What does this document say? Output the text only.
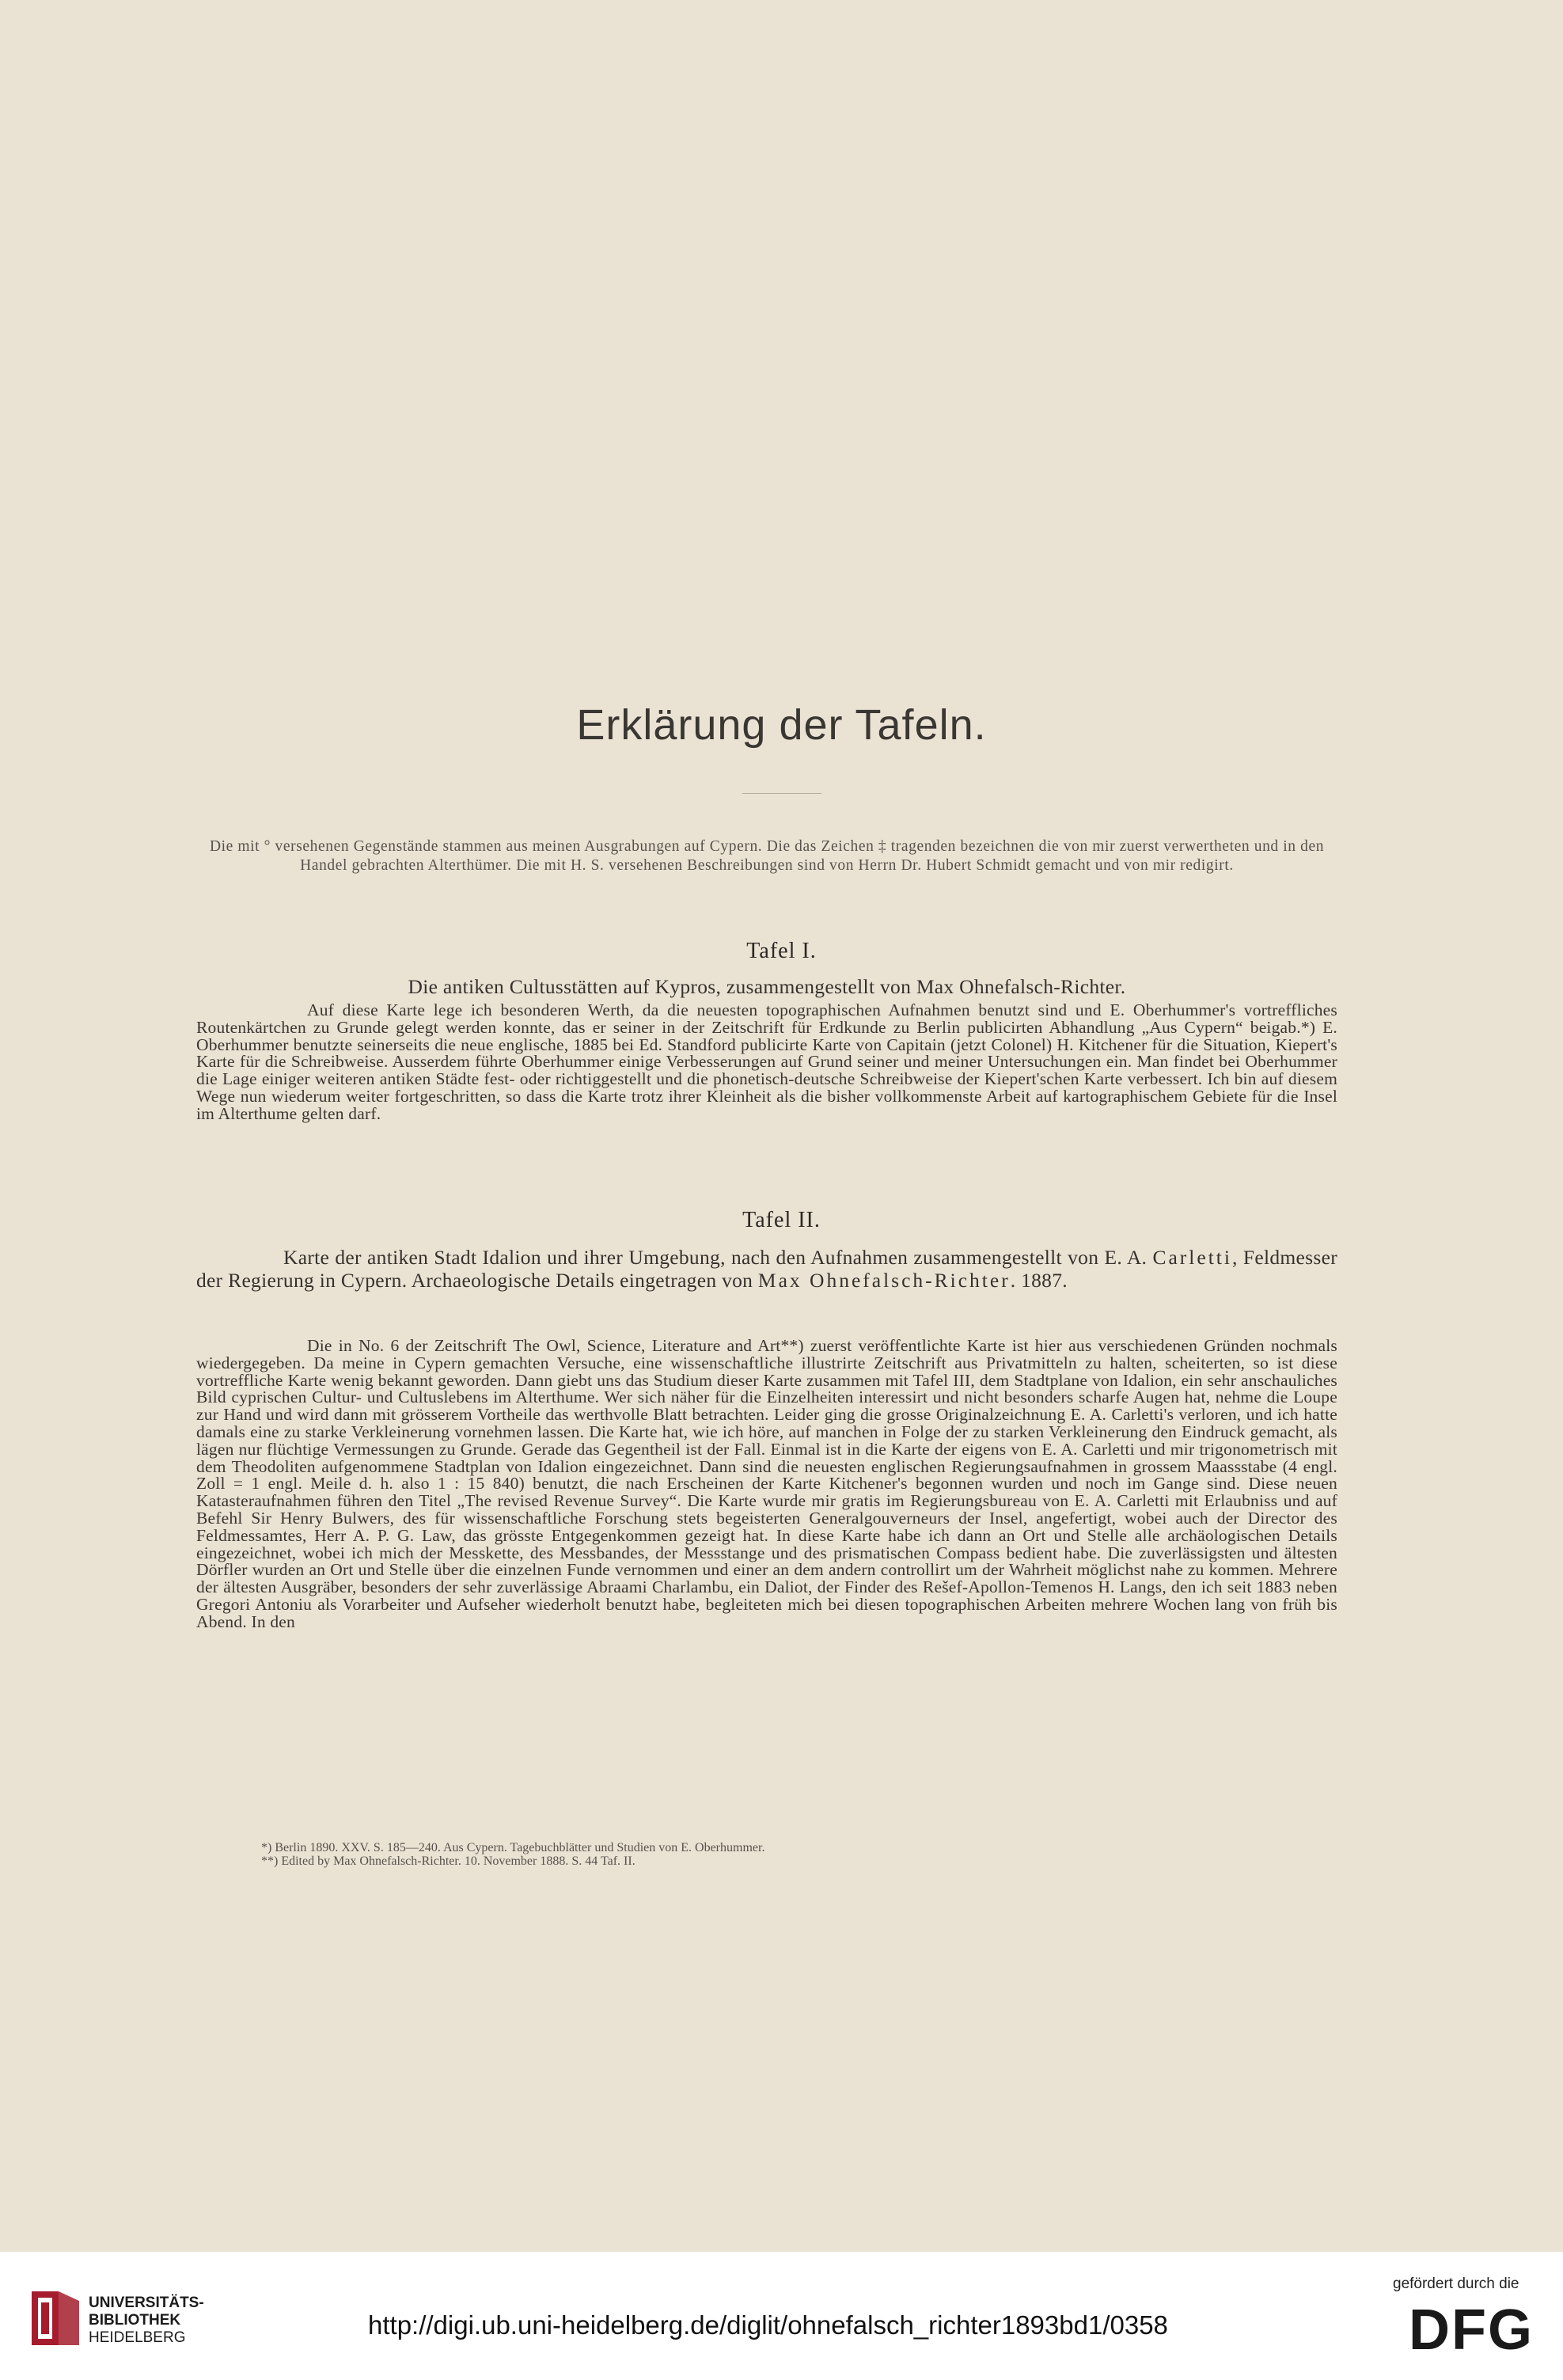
Erklärung der Tafeln.
Die mit ° versehenen Gegenstände stammen aus meinen Ausgrabungen auf Cypern. Die das Zeichen ‡ tragenden bezeichnen die von mir zuerst verwertheten und in den Handel gebrachten Alterthümer. Die mit H. S. versehenen Beschreibungen sind von Herrn Dr. Hubert Schmidt gemacht und von mir redigirt.
Tafel I.
Die antiken Cultusstätten auf Kypros, zusammengestellt von Max Ohnefalsch-Richter.
Auf diese Karte lege ich besonderen Werth, da die neuesten topographischen Aufnahmen benutzt sind und E. Oberhummer's vortreffliches Routenkärtchen zu Grunde gelegt werden konnte, das er seiner in der Zeitschrift für Erdkunde zu Berlin publicirten Abhandlung „Aus Cypern“ beigab.*) E. Oberhummer benutzte seinerseits die neue englische, 1885 bei Ed. Standford publicirte Karte von Capitain (jetzt Colonel) H. Kitchener für die Situation, Kiepert's Karte für die Schreibweise. Ausserdem führte Oberhummer einige Verbesserungen auf Grund seiner und meiner Untersuchungen ein. Man findet bei Oberhummer die Lage einiger weiteren antiken Städte fest- oder richtiggestellt und die phonetisch-deutsche Schreibweise der Kiepert'schen Karte verbessert. Ich bin auf diesem Wege nun wiederum weiter fortgeschritten, so dass die Karte trotz ihrer Kleinheit als die bisher vollkommenste Arbeit auf kartographischem Gebiete für die Insel im Alterthume gelten darf.
Tafel II.
Karte der antiken Stadt Idalion und ihrer Umgebung, nach den Aufnahmen zusammengestellt von E. A. Carletti, Feldmesser der Regierung in Cypern. Archaeologische Details eingetragen von Max Ohnefalsch-Richter. 1887.
Die in No. 6 der Zeitschrift The Owl, Science, Literature and Art**) zuerst veröffentlichte Karte ist hier aus verschiedenen Gründen nochmals wiedergegeben. Da meine in Cypern gemachten Versuche, eine wissenschaftliche illustrirte Zeitschrift aus Privatmitteln zu halten, scheiterten, so ist diese vortreffliche Karte wenig bekannt geworden. Dann giebt uns das Studium dieser Karte zusammen mit Tafel III, dem Stadtplane von Idalion, ein sehr anschauliches Bild cyprischen Cultur- und Cultuslebens im Alterthume. Wer sich näher für die Einzelheiten interessirt und nicht besonders scharfe Augen hat, nehme die Loupe zur Hand und wird dann mit grösserem Vortheile das werthvolle Blatt betrachten. Leider ging die grosse Originalzeichnung E. A. Carletti's verloren, und ich hatte damals eine zu starke Verkleinerung vornehmen lassen. Die Karte hat, wie ich höre, auf manchen in Folge der zu starken Verkleinerung den Eindruck gemacht, als lägen nur flüchtige Vermessungen zu Grunde. Gerade das Gegentheil ist der Fall. Einmal ist in die Karte der eigens von E. A. Carletti und mir trigonometrisch mit dem Theodoliten aufgenommene Stadtplan von Idalion eingezeichnet. Dann sind die neuesten englischen Regierungsaufnahmen in grossem Maassstabe (4 engl. Zoll = 1 engl. Meile d. h. also 1 : 15 840) benutzt, die nach Erscheinen der Karte Kitchener's begonnen wurden und noch im Gange sind. Diese neuen Katasteraufnahmen führen den Titel „The revised Revenue Survey“. Die Karte wurde mir gratis im Regierungsbureau von E. A. Carletti mit Erlaubniss und auf Befehl Sir Henry Bulwers, des für wissenschaftliche Forschung stets begeisterten Generalgouverneurs der Insel, angefertigt, wobei auch der Director des Feldmessamtes, Herr A. P. G. Law, das grösste Entgegenkommen gezeigt hat. In diese Karte habe ich dann an Ort und Stelle alle archäologischen Details eingezeichnet, wobei ich mich der Messkette, des Messbandes, der Messstange und des prismatischen Compass bedient habe. Die zuverlässigsten und ältesten Dörfler wurden an Ort und Stelle über die einzelnen Funde vernommen und einer an dem andern controllirt um der Wahrheit möglichst nahe zu kommen. Mehrere der ältesten Ausgräber, besonders der sehr zuverlässige Abraami Charlambu, ein Daliot, der Finder des Rešef-Apollon-Temenos H. Langs, den ich seit 1883 neben Gregori Antoniu als Vorarbeiter und Aufseher wiederholt benutzt habe, begleiteten mich bei diesen topographischen Arbeiten mehrere Wochen lang von früh bis Abend. In den
*) Berlin 1890. XXV. S. 185—240. Aus Cypern. Tagebuchblätter und Studien von E. Oberhummer.
**) Edited by Max Ohnefalsch-Richter. 10. November 1888. S. 44 Taf. II.
UNIVERSITÄTS-
BIBLIOTHEK
HEIDELBERG	http://digi.ub.uni-heidelberg.de/diglit/ohnefalsch_richter1893bd1/0358
gefördert durch die
DFG
